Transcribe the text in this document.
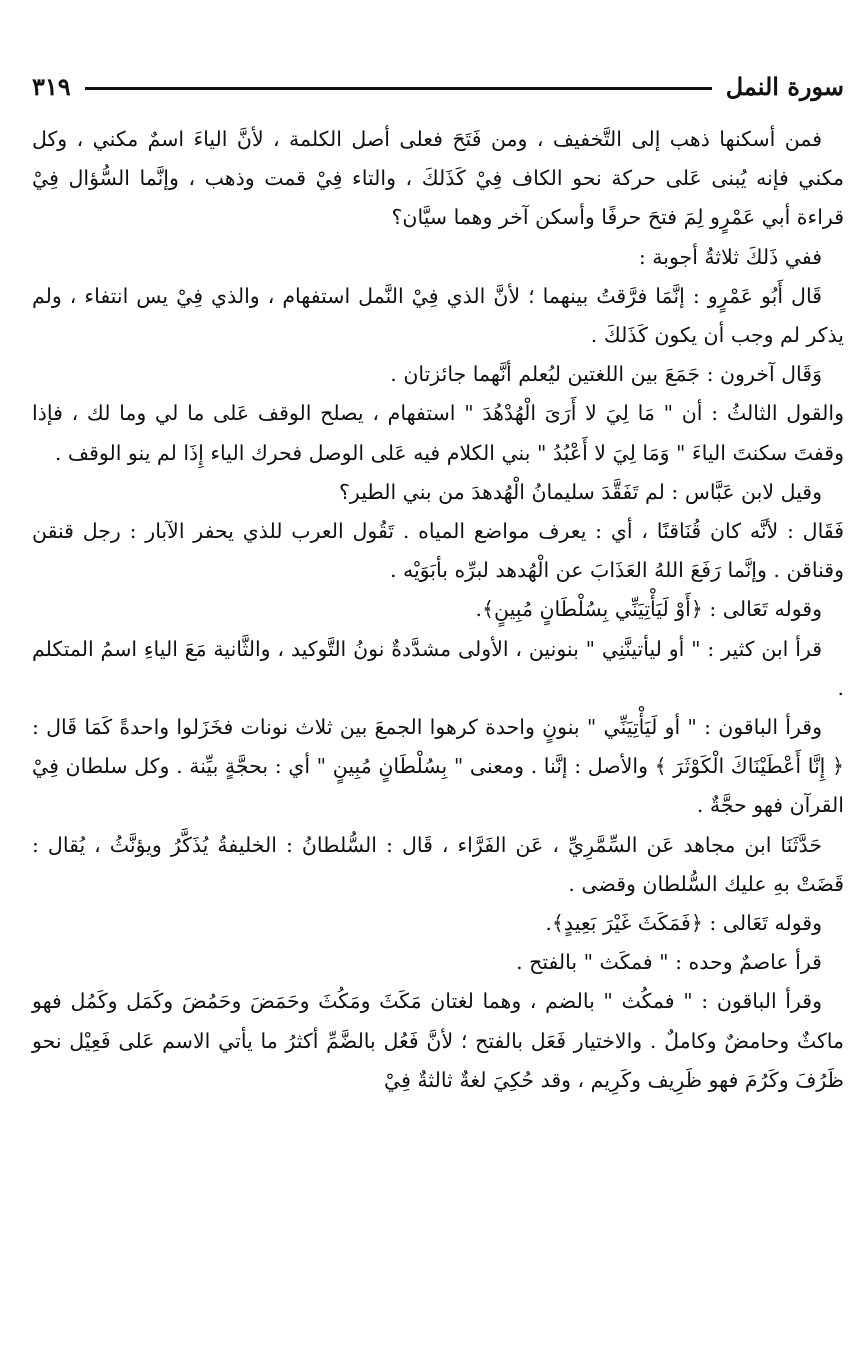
سورة النمل
٣١٩

فمن أسكنها ذهب إلى التَّخفيف ، ومن فَتَحَ فعلى أصل الكلمة ، لأنَّ الياءَ اسمٌ مكني ، وكل مكني فإنه يُبنى عَلى حركة نحو الكاف فِيْ كَذَلكَ ، والتاء فِيْ قمت وذهب ، وإنَّما السُّؤال فِيْ قراءة أبي عَمْرٍو لِمَ فتحَ حرفًا وأسكن آخر وهما سيَّان؟

ففي ذَلكَ ثلاثةُ أجوبة :

قَال أَبُو عَمْرٍو : إنَّمَا فرَّقتُ بينهما ؛ لأنَّ الذي فِيْ النَّمل استفهام ، والذي فِيْ يس انتفاء ، ولم يذكر لم وجب أن يكون كَذَلكَ .

وَقَال آخرون : جَمَعَ بين اللغتين ليُعلم أنَّهما جائزتان .

والقول الثالثُ : أن " مَا لِيَ لا أَرَىَ الْهُدْهُدَ " استفهام ، يصلح الوقف عَلى ما لي وما لك ، فإذا وقفتَ سكنتَ الياءَ " وَمَا لِيَ لا أَعْبُدُ " بني الكلام فيه عَلى الوصل فحرك الياء إِذَا لم ينو الوقف .

وقيل لابن عَبَّاس : لم تَفَقَّدَ سليمانُ الْهُدهدَ من بني الطير؟

فَقَال : لأنَّه كان قُنَاقنًا ، أي : يعرف مواضع المياه . تَقُول العرب للذي يحفر الآبار : رجل قنقن وقناقن . وإنَّما رَفَعَ اللهُ العَذَابَ عن الْهُدهد لبرِّه بأبَوَيْه .

وقوله تَعَالى : ﴿أَوْ لَيَأْتِيَنِّي بِسُلْطَانٍ مُبِينٍ﴾.

قرأ ابن كثير : " أو ليأتينَّنِي " بنونين ، الأولى مشدَّدةٌ نونُ التَّوكيد ، والثَّانية مَعَ الياءِ اسمُ المتكلم .

وقرأ الباقون : " أو لَيَأْتِيَنِّي " بنونٍ واحدة كرهوا الجمعَ بين ثلاث نونات فخَزَلوا واحدةً كَمَا قَال : ﴿ إِنَّا أَعْطَيْنَاكَ الْكَوْثَرَ ﴾ والأصل : إنَّنا . ومعنى " بِسُلْطَانٍ مُبِينٍ " أي : بحجَّةٍ بيِّنة . وكل سلطان فِيْ القرآن فهو حجَّةٌ .

حَدَّثَنَا ابن مجاهد عَن السِّمَّرِيِّ ، عَن الفَرَّاء ، قَال : السُّلطانُ : الخليفةُ يُذَكَّرُ ويؤنَّثُ ، يُقال : قَضَتْ بهِ عليك السُّلطان وقضى .

وقوله تَعَالى : ﴿فَمَكَثَ غَيْرَ بَعِيدٍ﴾.

قرأ عاصمٌ وحده : " فمكَث " بالفتح .

وقرأ الباقون : " فمكُث " بالضم ، وهما لغتان مَكَثَ ومَكُثَ وحَمَضَ وحَمُضَ وكَمَل وكَمُل فهو ماكثٌ وحامضٌ وكاملٌ . والاختيار فَعَل بالفتح ؛ لأنَّ فَعُل بالضَّمِّ أكثرُ ما يأتي الاسم عَلى فَعِيْل نحو ظَرُفَ وكَرُمَ فهو ظَرِيف وكَرِيم ، وقد حُكِيَ لغةٌ ثالثةٌ فِيْ
